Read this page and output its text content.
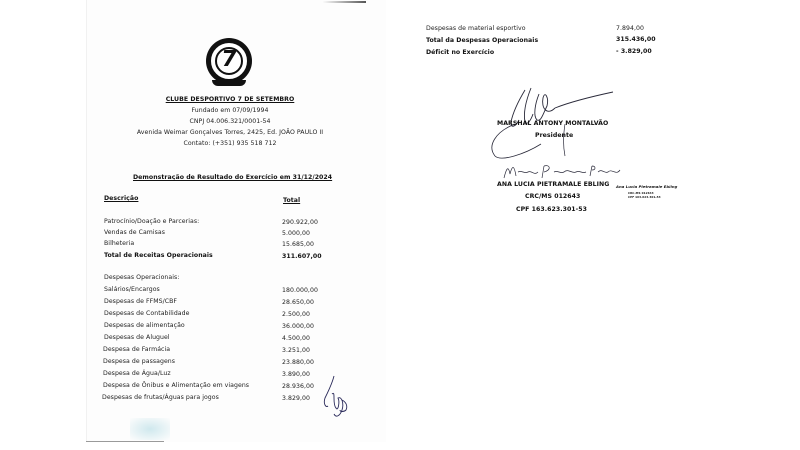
7
CLUBE DESPORTIVO 7 DE SETEMBRO
Fundado em 07/09/1994
CNPJ 04.006.321/0001-54
Avenida Weimar Gonçalves Torres, 2425, Ed. JOÃO PAULO II
Contato: (+351) 935 518 712
Demonstração de Resultado do Exercício em 31/12/2024
Descrição	Total
Patrocínio/Doação e Parcerias:	290.922,00
Vendas de Camisas	5.000,00
Bilheteria	15.685,00
Total de Receitas Operacionais	311.607,00
Despesas Operacionais:
Salários/Encargos	180.000,00
Despesas de FFMS/CBF	28.650,00
Despesas de Contabilidade	2.500,00
Despesas de alimentação	36.000,00
Despesas de Aluguel	4.500,00
Despesa de Farmácia	3.251,00
Despesa de passagens	23.880,00
Despesa de Água/Luz	3.890,00
Despesa de Ônibus e Alimentação em viagens	28.936,00
Despesas de frutas/Águas para jogos	3.829,00
Despesas de material esportivo	7.894,00
Total da Despesas Operacionais	315.436,00
Déficit no Exercício	- 3.829,00
MARSHAL ANTONY MONTALVÃO
Presidente
ANA LUCIA PIETRAMALE EBLING
CRC/MS 012643
CPF 163.623.301-53
Ana Lucia Pietramale Ebling
CRC-MS 012643
CPF 163.623.301-53
